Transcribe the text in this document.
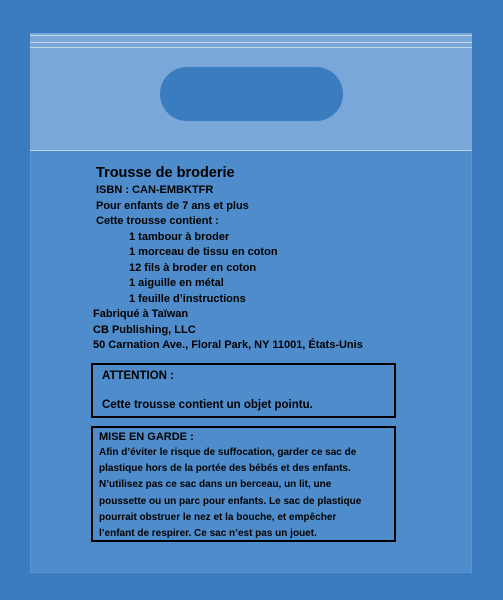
Trousse de broderie
ISBN : CAN-EMBKTFR
Pour enfants de 7 ans et plus
Cette trousse contient :
1 tambour à broder
1 morceau de tissu en coton
12 fils à broder en coton
1 aiguille en métal
1 feuille d’instructions
Fabriqué à Taïwan
CB Publishing, LLC
50 Carnation Ave., Floral Park, NY 11001, États-Unis
ATTENTION :
Cette trousse contient un objet pointu.
MISE EN GARDE :
Afin d’éviter le risque de suffocation, garder ce sac de
plastique hors de la portée des bébés et des enfants.
N’utilisez pas ce sac dans un berceau, un lit, une
poussette ou un parc pour enfants. Le sac de plastique
pourrait obstruer le nez et la bouche, et empêcher
l’enfant de respirer. Ce sac n’est pas un jouet.
